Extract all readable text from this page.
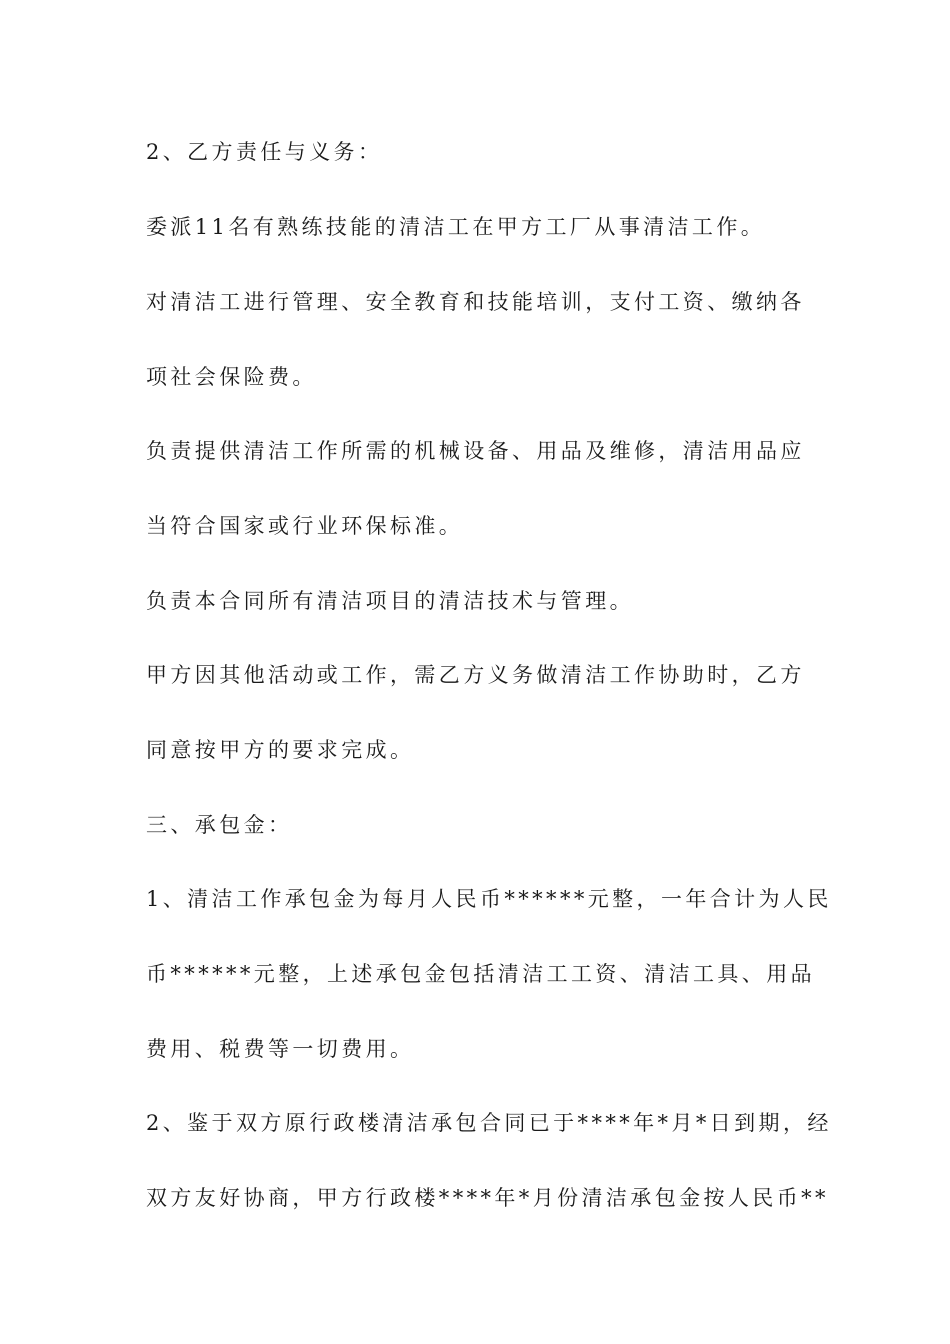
2、乙方责任与义务：

委派11名有熟练技能的清洁工在甲方工厂从事清洁工作。

对清洁工进行管理、安全教育和技能培训，支付工资、缴纳各

项社会保险费。

负责提供清洁工作所需的机械设备、用品及维修，清洁用品应

当符合国家或行业环保标准。

负责本合同所有清洁项目的清洁技术与管理。

甲方因其他活动或工作，需乙方义务做清洁工作协助时，乙方

同意按甲方的要求完成。

三、承包金：

1、清洁工作承包金为每月人民币******元整，一年合计为人民

币******元整，上述承包金包括清洁工工资、清洁工具、用品

费用、税费等一切费用。

2、鉴于双方原行政楼清洁承包合同已于****年*月*日到期，经

双方友好协商，甲方行政楼****年*月份清洁承包金按人民币**
